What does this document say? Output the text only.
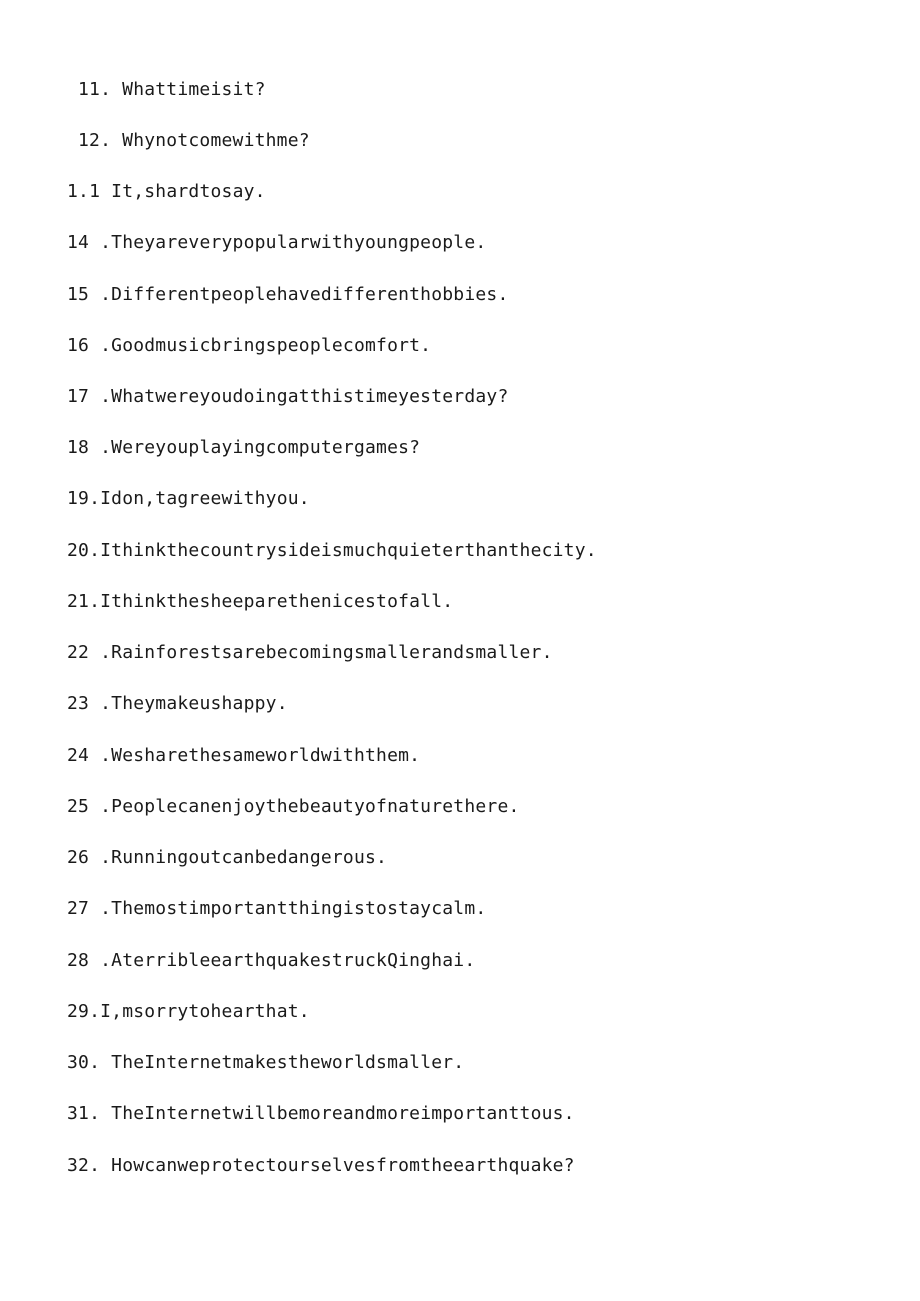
11. Whattimeisit?
12. Whynotcomewithme?
1.1 It,shardtosay.
14 .Theyareverypopularwithyoungpeople.
15 .Differentpeoplehavedifferenthobbies.
16 .Goodmusicbringspeoplecomfort.
17 .Whatwereyoudoingatthistimeyesterday?
18 .Wereyouplayingcomputergames?
19.Idon,tagreewithyou.
20.Ithinkthecountrysideismuchquieterthanthecity.
21.Ithinkthesheeparethenicestofall.
22 .Rainforestsarebecomingsmallerandsmaller.
23 .Theymakeushappy.
24 .Wesharethesameworldwiththem.
25 .Peoplecanenjoythebeautyofnaturethere.
26 .Runningoutcanbedangerous.
27 .Themostimportantthingistostaycalm.
28 .AterribleearthquakestruckQinghai.
29.I,msorrytohearthat.
30. TheInternetmakestheworldsmaller.
31. TheInternetwillbemoreandmoreimportanttous.
32. Howcanweprotectourselvesfromtheearthquake?
